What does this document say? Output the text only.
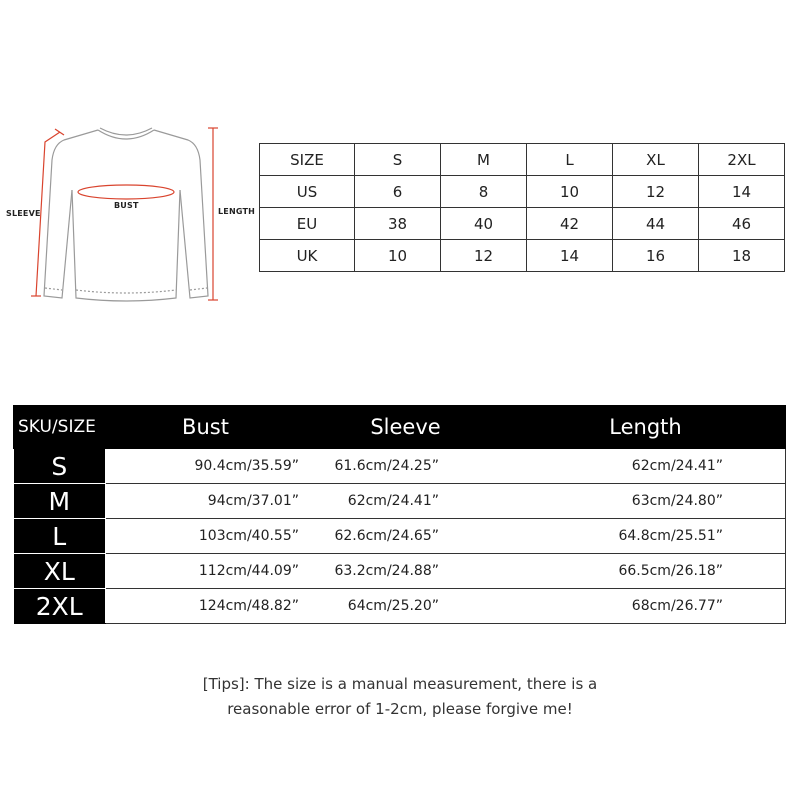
SLEEVE
BUST
LENGTH
SIZE	S	M	L	XL	2XL
US	6	8	10	12	14
EU	38	40	42	44	46
UK	10	12	14	16	18
SKU/SIZE	Bust	Sleeve	Length
S	90.4cm/35.59”	61.6cm/24.25”	62cm/24.41”
M	94cm/37.01”	62cm/24.41”	63cm/24.80”
L	103cm/40.55”	62.6cm/24.65”	64.8cm/25.51”
XL	112cm/44.09”	63.2cm/24.88”	66.5cm/26.18”
2XL	124cm/48.82”	64cm/25.20”	68cm/26.77”
[Tips]: The size is a manual measurement, there is a
reasonable error of 1-2cm, please forgive me!
